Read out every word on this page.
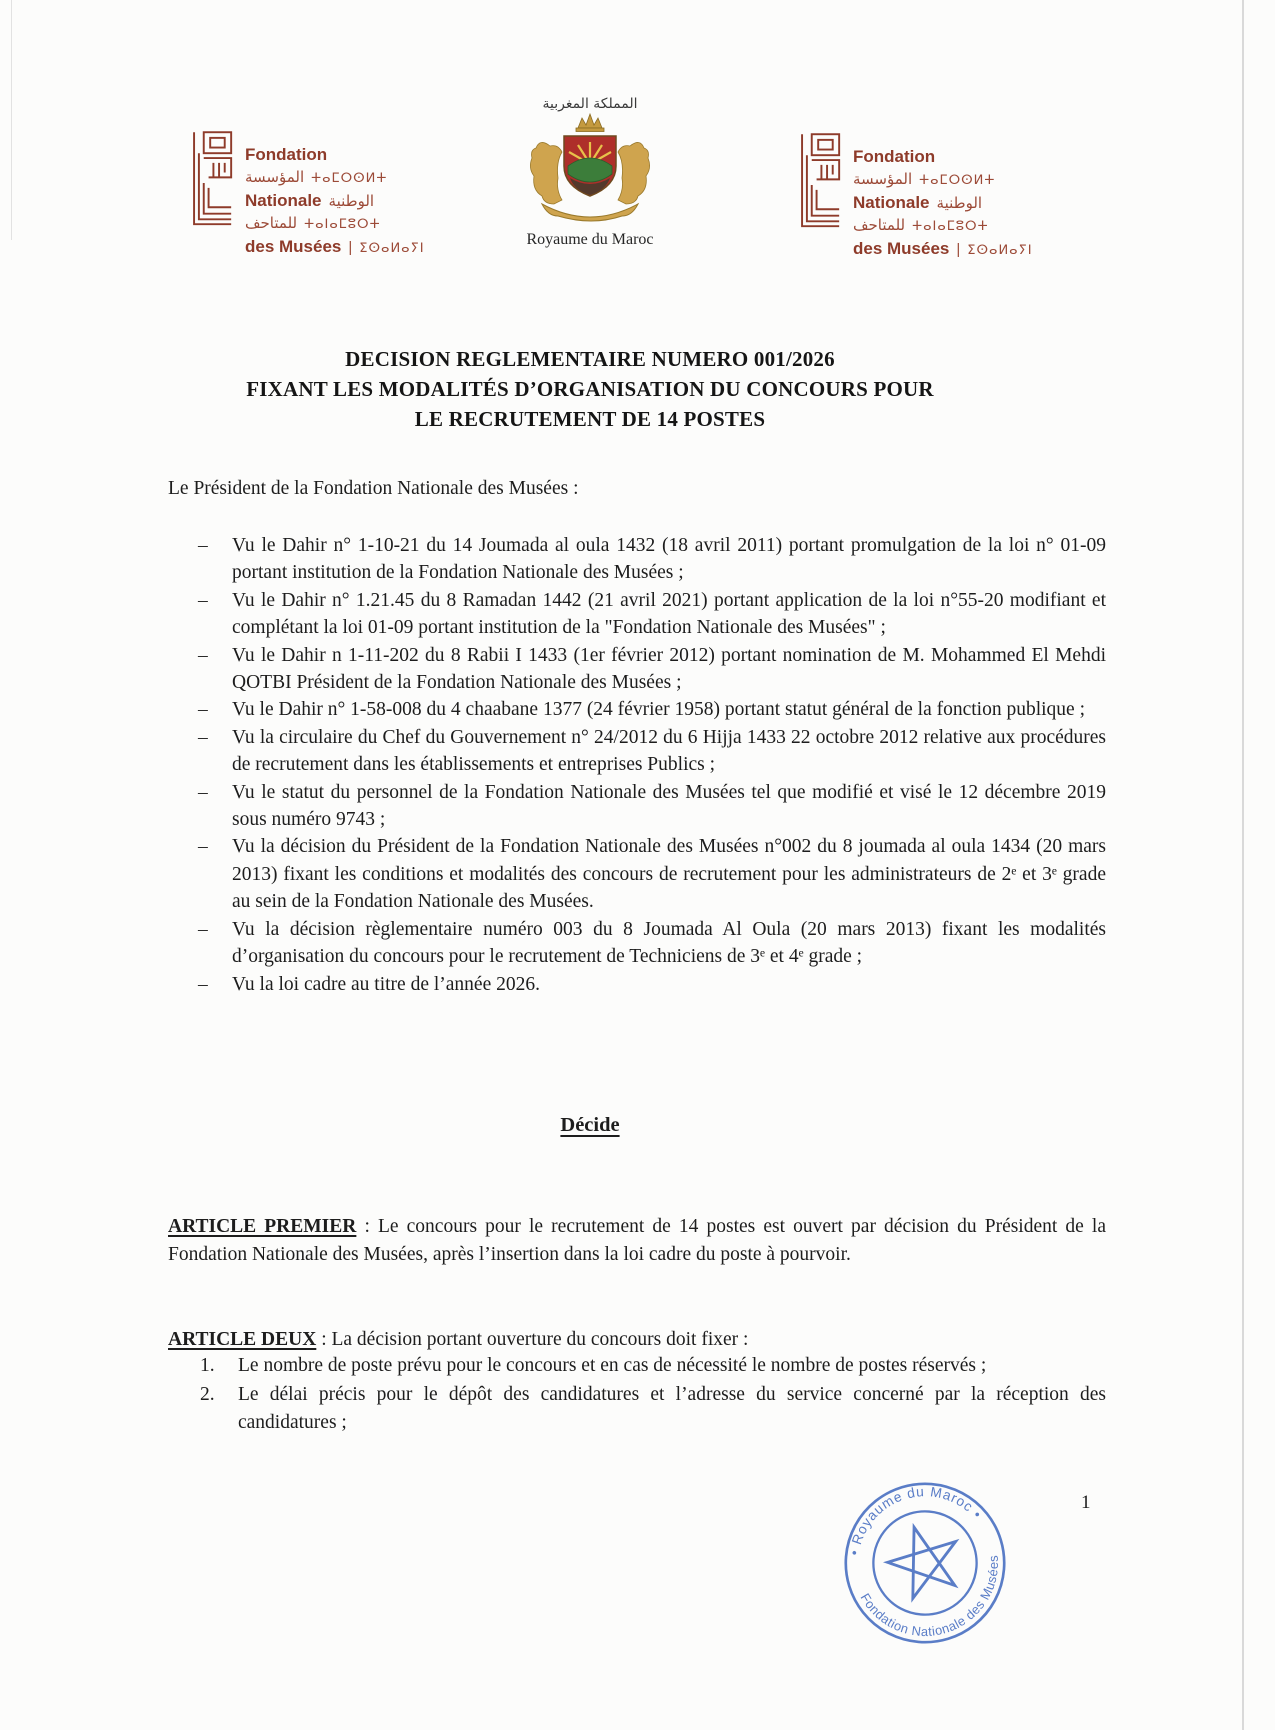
Fondation
المؤسسة ⵜⴰⵎⵔⵙⵍⵜ
Nationale الوطنية
للمتاحف ⵜⴰⵏⴰⵎⵓⵔⵜ
des Musées | ⵉⵙⴰⵍⴰⵢⵏ
المملكة المغربية
Royaume du Maroc
Fondation
المؤسسة ⵜⴰⵎⵔⵙⵍⵜ
Nationale الوطنية
للمتاحف ⵜⴰⵏⴰⵎⵓⵔⵜ
des Musées | ⵉⵙⴰⵍⴰⵢⵏ
DECISION REGLEMENTAIRE NUMERO 001/2026
FIXANT LES MODALITÉS D’ORGANISATION DU CONCOURS POUR
LE RECRUTEMENT DE 14 POSTES
Le Président de la Fondation Nationale des Musées :
–	Vu le Dahir n° 1-10-21 du 14 Joumada al oula 1432 (18 avril 2011) portant promulgation de la loi n° 01-09 portant institution de la Fondation Nationale des Musées ;
–	Vu le Dahir n° 1.21.45 du 8 Ramadan 1442 (21 avril 2021) portant application de la loi n°55-20 modifiant et complétant la loi 01-09 portant institution de la "Fondation Nationale des Musées" ;
–	Vu le Dahir n 1-11-202 du 8 Rabii I 1433 (1er février 2012) portant nomination de M. Mohammed El Mehdi QOTBI Président de la Fondation Nationale des Musées ;
–	Vu le Dahir n° 1-58-008 du 4 chaabane 1377 (24 février 1958) portant statut général de la fonction publique ;
–	Vu la circulaire du Chef du Gouvernement n° 24/2012 du 6 Hijja 1433 22 octobre 2012 relative aux procédures de recrutement dans les établissements et entreprises Publics ;
–	Vu le statut du personnel de la Fondation Nationale des Musées tel que modifié et visé le 12 décembre 2019 sous numéro 9743 ;
–	Vu la décision du Président de la Fondation Nationale des Musées n°002 du 8 joumada al oula 1434 (20 mars 2013) fixant les conditions et modalités des concours de recrutement pour les administrateurs de 2ᵉ et 3ᵉ grade au sein de la Fondation Nationale des Musées.
–	Vu la décision règlementaire numéro 003 du 8 Joumada Al Oula (20 mars 2013) fixant les modalités d’organisation du concours pour le recrutement de Techniciens de 3ᵉ et 4ᵉ grade ;
–	Vu la loi cadre au titre de l’année 2026.
Décide

ARTICLE PREMIER : Le concours pour le recrutement de 14 postes est ouvert par décision du Président de la Fondation Nationale des Musées, après l’insertion dans la loi cadre du poste à pourvoir.

ARTICLE DEUX : La décision portant ouverture du concours doit fixer :

1.	Le nombre de poste prévu pour le concours et en cas de nécessité le nombre de postes réservés ;
2.	Le délai précis pour le dépôt des candidatures et l’adresse du service concerné par la réception des candidatures ;
• Royaume du Maroc •
Fondation Nationale des Musées
1
